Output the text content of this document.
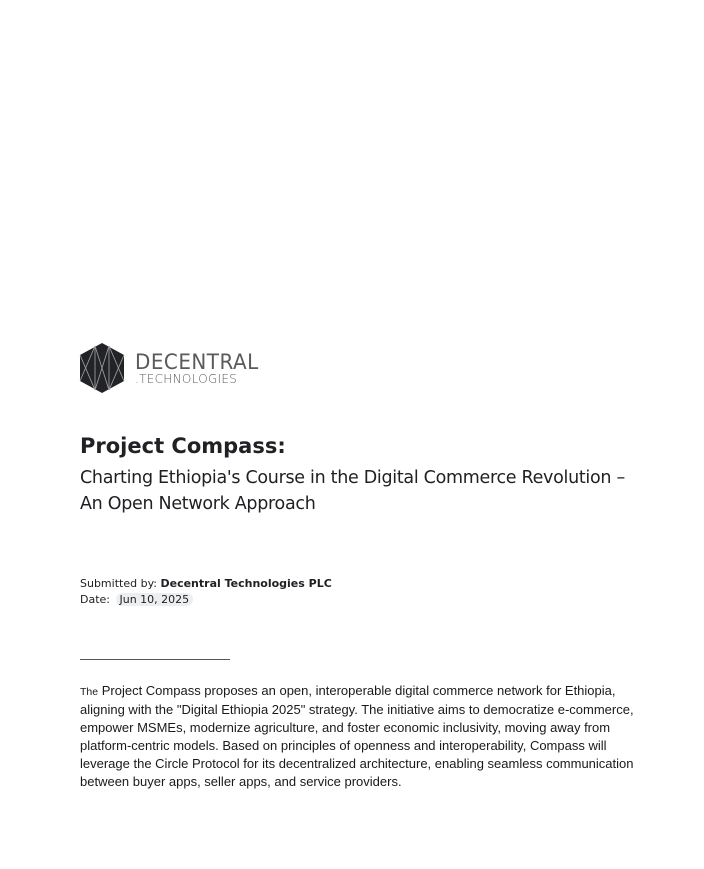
DECENTRAL
.TECHNOLOGIES
Project Compass:
Charting Ethiopia's Course in the Digital Commerce Revolution – An Open Network Approach
Submitted by: Decentral Technologies PLC
Date: Jun 10, 2025
The Project Compass proposes an open, interoperable digital commerce network for Ethiopia, aligning with the "Digital Ethiopia 2025" strategy. The initiative aims to democratize e-commerce, empower MSMEs, modernize agriculture, and foster economic inclusivity, moving away from platform-centric models. Based on principles of openness and interoperability, Compass will leverage the Circle Protocol for its decentralized architecture, enabling seamless communication between buyer apps, seller apps, and service providers.
